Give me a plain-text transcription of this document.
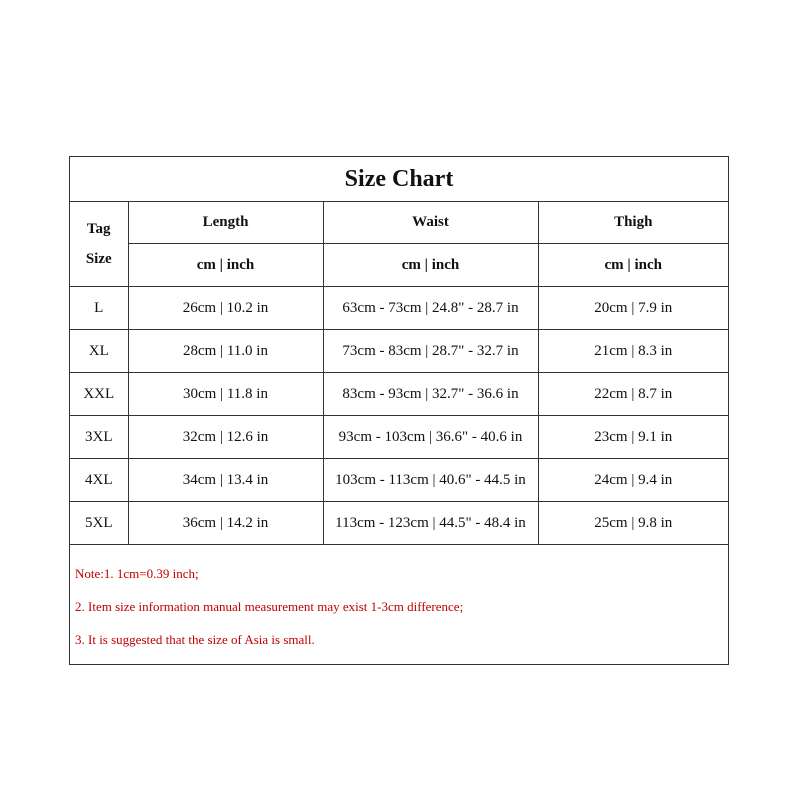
Size Chart
Tag
Size	Length	Waist	Thigh
	cm | inch	cm | inch	cm | inch
L	26cm | 10.2 in	63cm - 73cm | 24.8" - 28.7 in	20cm | 7.9 in
XL	28cm | 11.0 in	73cm - 83cm | 28.7" - 32.7 in	21cm | 8.3 in
XXL	30cm | 11.8 in	83cm - 93cm | 32.7" - 36.6 in	22cm | 8.7 in
3XL	32cm | 12.6 in	93cm - 103cm | 36.6" - 40.6 in	23cm | 9.1 in
4XL	34cm | 13.4 in	103cm - 113cm | 40.6" - 44.5 in	24cm | 9.4 in
5XL	36cm | 14.2 in	113cm - 123cm | 44.5" - 48.4 in	25cm | 9.8 in
Note:1. 1cm=0.39 inch;
2. Item size information manual measurement may exist 1-3cm difference;
3. It is suggested that the size of Asia is small.
